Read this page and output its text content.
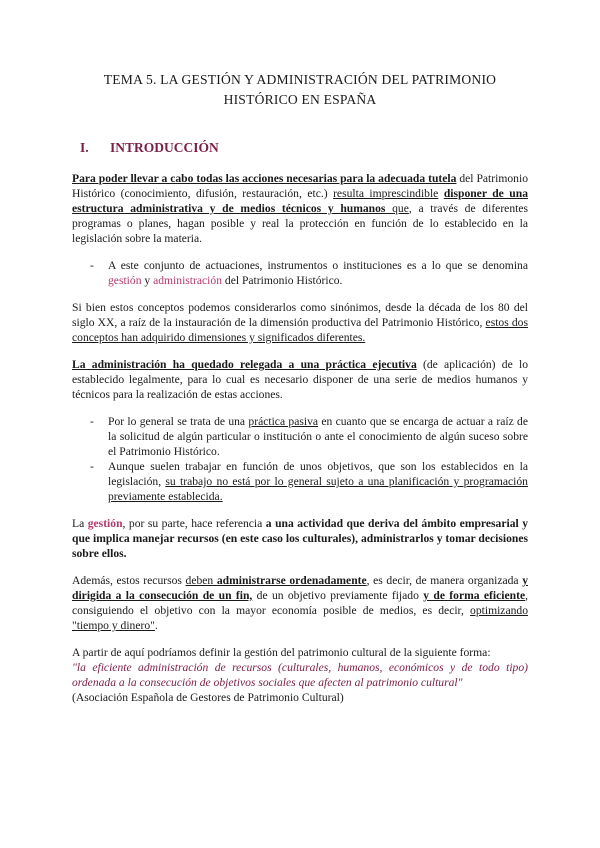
TEMA 5. LA GESTIÓN Y ADMINISTRACIÓN DEL PATRIMONIO
HISTÓRICO EN ESPAÑA
I. INTRODUCCIÓN

Para poder llevar a cabo todas las acciones necesarias para la adecuada tutela del Patrimonio Histórico (conocimiento, difusión, restauración, etc.) resulta imprescindible disponer de una estructura administrativa y de medios técnicos y humanos que, a través de diferentes programas o planes, hagan posible y real la protección en función de lo establecido en la legislación sobre la materia.

- A este conjunto de actuaciones, instrumentos o instituciones es a lo que se denomina gestión y administración del Patrimonio Histórico.

Si bien estos conceptos podemos considerarlos como sinónimos, desde la década de los 80 del siglo XX, a raíz de la instauración de la dimensión productiva del Patrimonio Histórico, estos dos conceptos han adquirido dimensiones y significados diferentes.

La administración ha quedado relegada a una práctica ejecutiva (de aplicación) de lo establecido legalmente, para lo cual es necesario disponer de una serie de medios humanos y técnicos para la realización de estas acciones.

- Por lo general se trata de una práctica pasiva en cuanto que se encarga de actuar a raíz de la solicitud de algún particular o institución o ante el conocimiento de algún suceso sobre el Patrimonio Histórico.
- Aunque suelen trabajar en función de unos objetivos, que son los establecidos en la legislación, su trabajo no está por lo general sujeto a una planificación y programación previamente establecida.

La gestión, por su parte, hace referencia a una actividad que deriva del ámbito empresarial y que implica manejar recursos (en este caso los culturales), administrarlos y tomar decisiones sobre ellos.

Además, estos recursos deben administrarse ordenadamente, es decir, de manera organizada y dirigida a la consecución de un fin, de un objetivo previamente fijado y de forma eficiente, consiguiendo el objetivo con la mayor economía posible de medios, es decir, optimizando "tiempo y dinero".

A partir de aquí podríamos definir la gestión del patrimonio cultural de la siguiente forma:

"la eficiente administración de recursos (culturales, humanos, económicos y de todo tipo) ordenada a la consecución de objetivos sociales que afecten al patrimonio cultural"

(Asociación Española de Gestores de Patrimonio Cultural)
